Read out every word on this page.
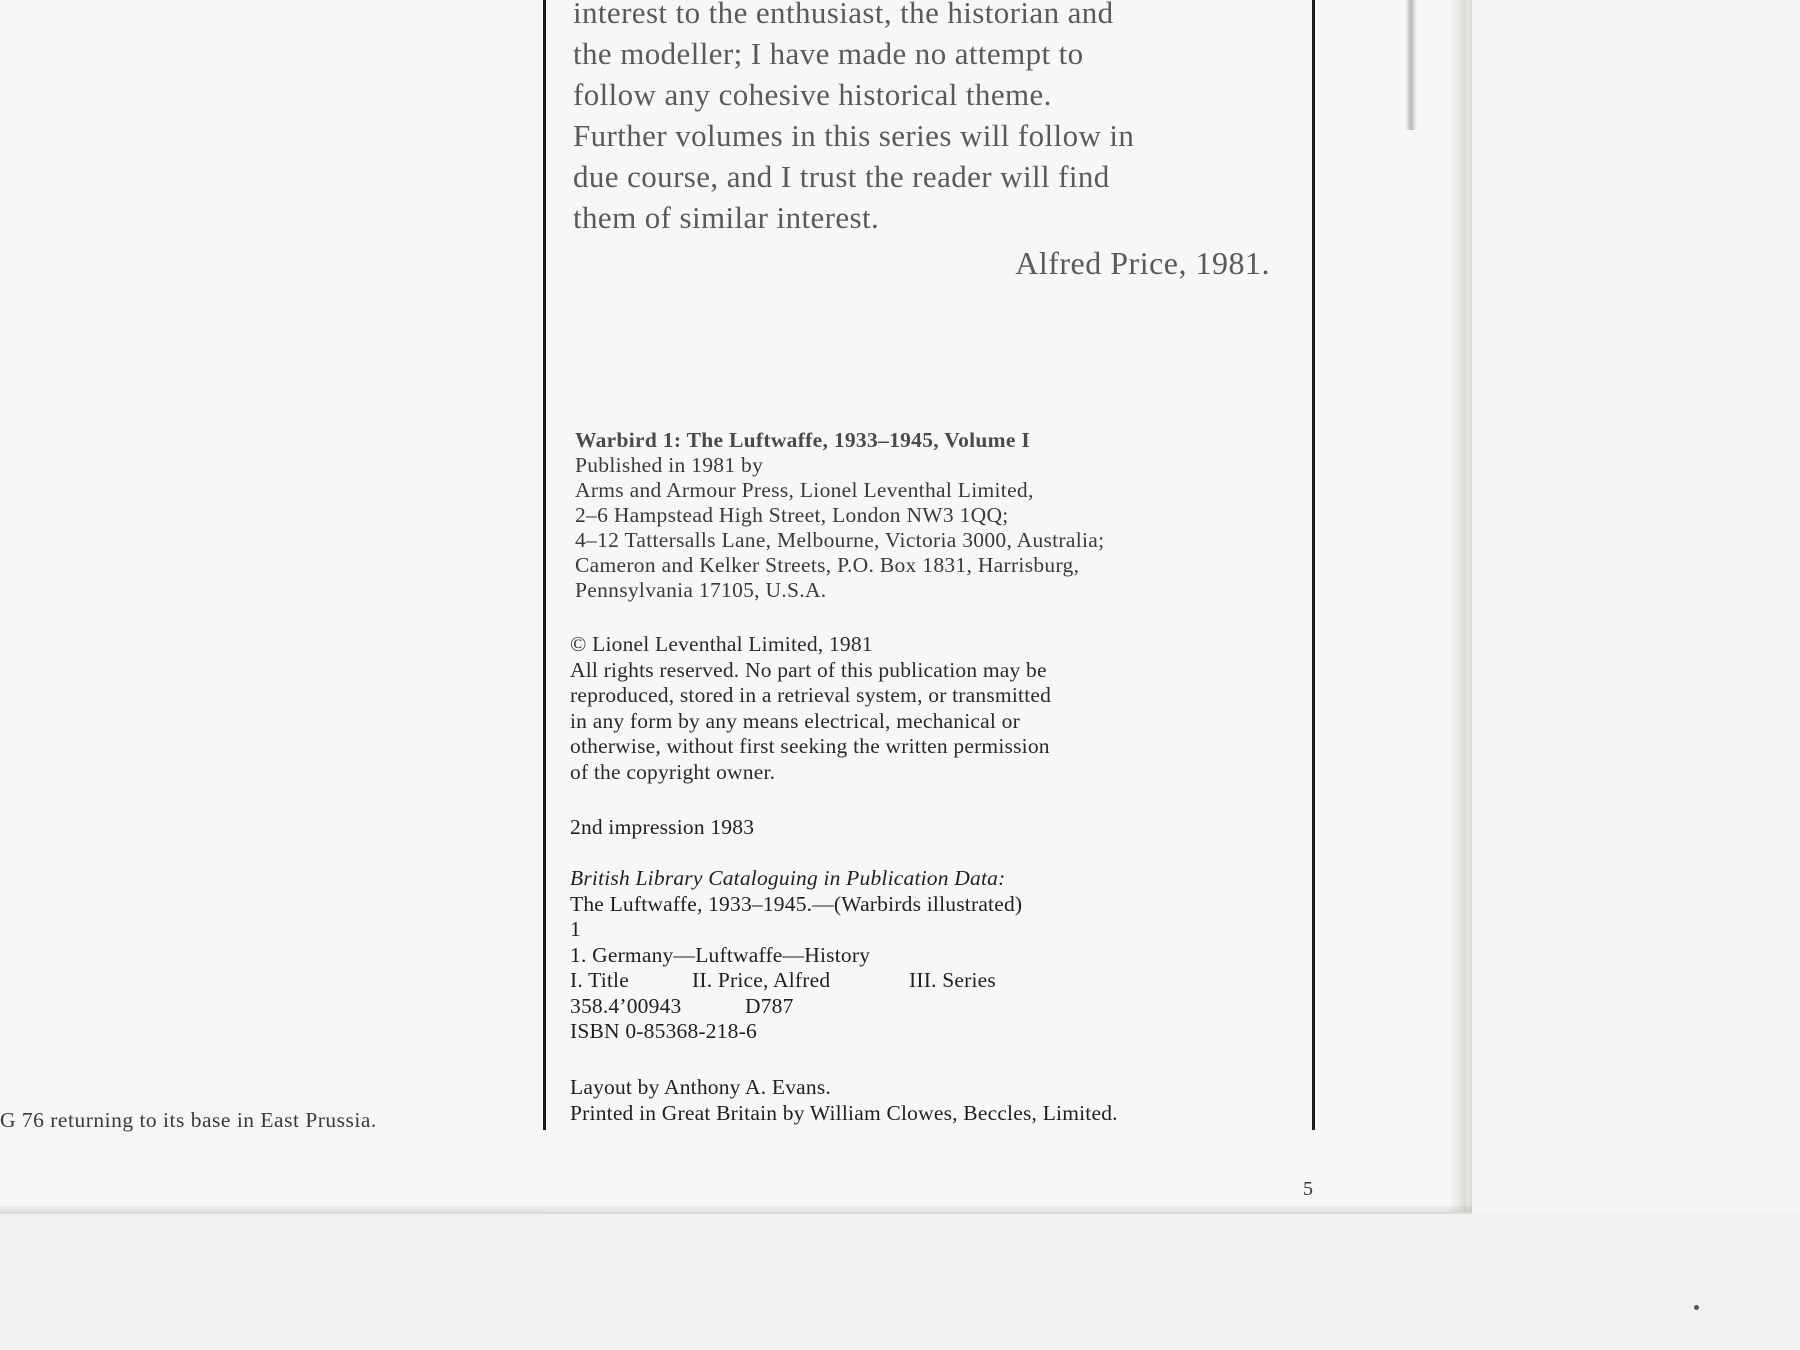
interest to the enthusiast, the historian and
the modeller; I have made no attempt to
follow any cohesive historical theme.
Further volumes in this series will follow in
due course, and I trust the reader will find
them of similar interest.
Alfred Price, 1981.
Warbird 1: The Luftwaffe, 1933–1945, Volume I
Published in 1981 by
Arms and Armour Press, Lionel Leventhal Limited,
2–6 Hampstead High Street, London NW3 1QQ;
4–12 Tattersalls Lane, Melbourne, Victoria 3000, Australia;
Cameron and Kelker Streets, P.O. Box 1831, Harrisburg,
Pennsylvania 17105, U.S.A.
© Lionel Leventhal Limited, 1981
All rights reserved. No part of this publication may be
reproduced, stored in a retrieval system, or transmitted
in any form by any means electrical, mechanical or
otherwise, without first seeking the written permission
of the copyright owner.
2nd impression 1983
British Library Cataloguing in Publication Data:
The Luftwaffe, 1933–1945.—(Warbirds illustrated)
1
1. Germany—Luftwaffe—History
I. Title	II. Price, Alfred	III. Series
358.4’00943	D787
ISBN 0-85368-218-6
Layout by Anthony A. Evans.
Printed in Great Britain by William Clowes, Beccles, Limited.
G 76 returning to its base in East Prussia.
5
